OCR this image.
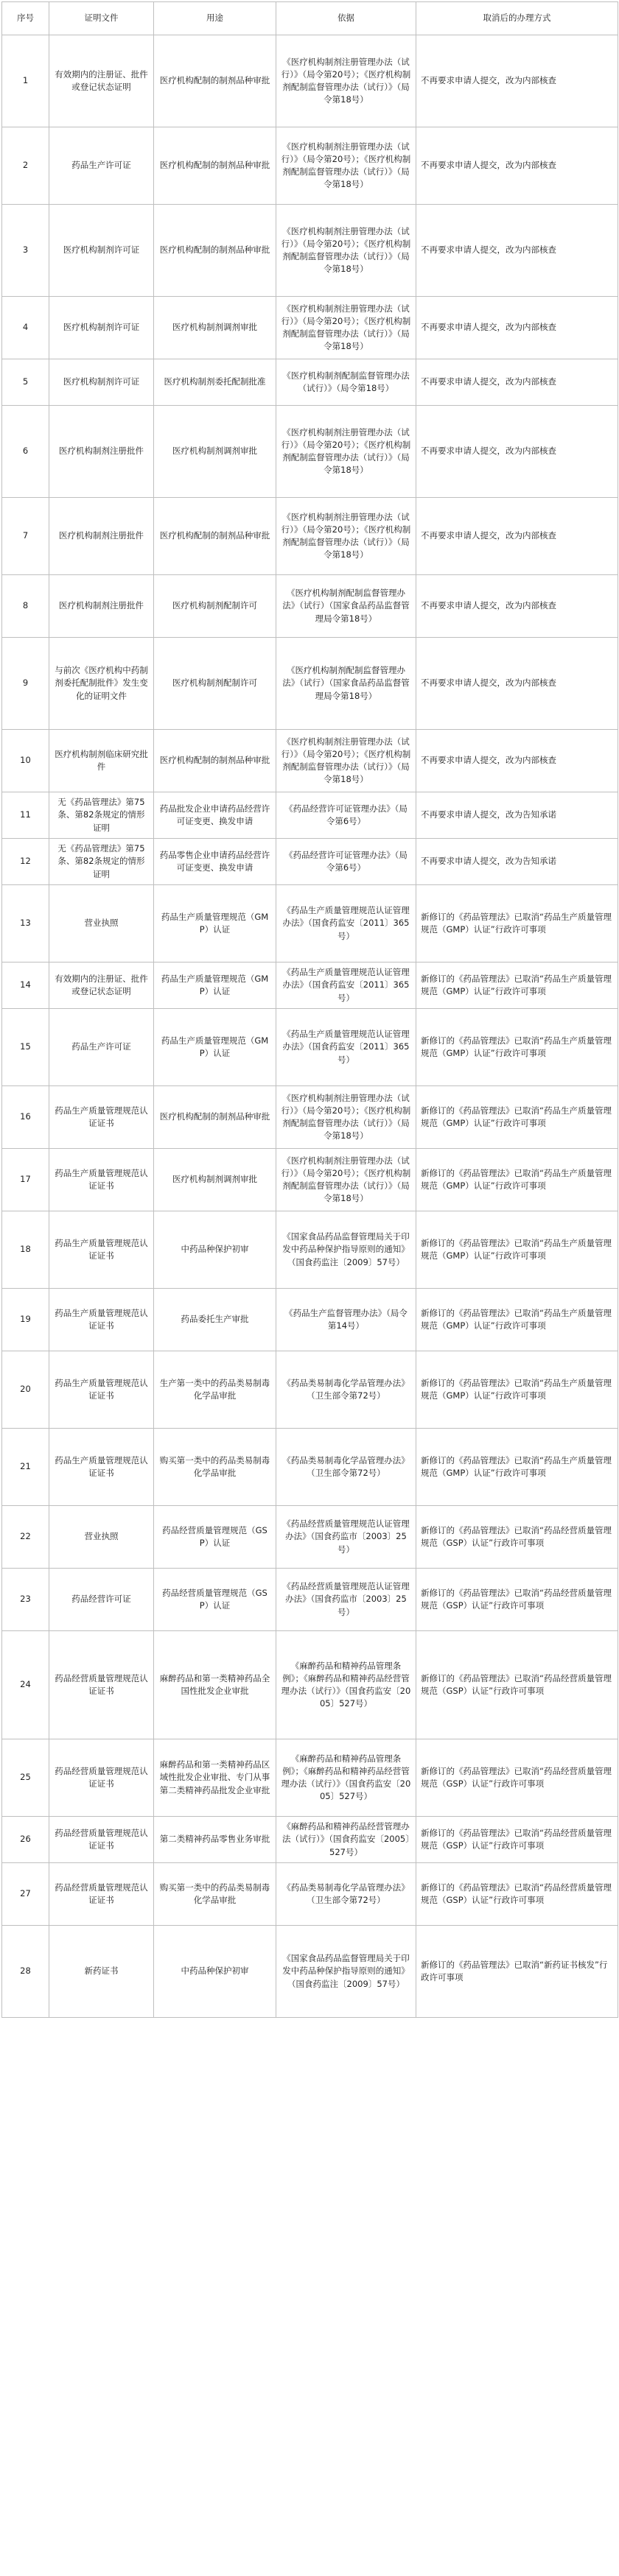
序号	证明文件	用途	依据	取消后的办理方式
1	有效期内的注册证、批件或登记状态证明	医疗机构配制的制剂品种审批	《医疗机构制剂注册管理办法（试行）》（局令第20号）；《医疗机构制剂配制监督管理办法（试行）》（局令第18号）	不再要求申请人提交，改为内部核查
2	药品生产许可证	医疗机构配制的制剂品种审批	《医疗机构制剂注册管理办法（试行）》（局令第20号）；《医疗机构制剂配制监督管理办法（试行）》（局令第18号）	不再要求申请人提交，改为内部核查
3	医疗机构制剂许可证	医疗机构配制的制剂品种审批	《医疗机构制剂注册管理办法（试行）》（局令第20号）；《医疗机构制剂配制监督管理办法（试行）》（局令第18号）	不再要求申请人提交，改为内部核查
4	医疗机构制剂许可证	医疗机构制剂调剂审批	《医疗机构制剂注册管理办法（试行）》（局令第20号）；《医疗机构制剂配制监督管理办法（试行）》（局令第18号）	不再要求申请人提交，改为内部核查
5	医疗机构制剂许可证	医疗机构制剂委托配制批准	《医疗机构制剂配制监督管理办法（试行）》（局令第18号）	不再要求申请人提交，改为内部核查
6	医疗机构制剂注册批件	医疗机构制剂调剂审批	《医疗机构制剂注册管理办法（试行）》（局令第20号）；《医疗机构制剂配制监督管理办法（试行）》（局令第18号）	不再要求申请人提交，改为内部核查
7	医疗机构制剂注册批件	医疗机构配制的制剂品种审批	《医疗机构制剂注册管理办法（试行）》（局令第20号）；《医疗机构制剂配制监督管理办法（试行）》（局令第18号）	不再要求申请人提交，改为内部核查
8	医疗机构制剂注册批件	医疗机构制剂配制许可	《医疗机构制剂配制监督管理办法》（试行）（国家食品药品监督管理局令第18号）	不再要求申请人提交，改为内部核查
9	与前次《医疗机构中药制剂委托配制批件》发生变化的证明文件	医疗机构制剂配制许可	《医疗机构制剂配制监督管理办法》（试行）（国家食品药品监督管理局令第18号）	不再要求申请人提交，改为内部核查
10	医疗机构制剂临床研究批件	医疗机构配制的制剂品种审批	《医疗机构制剂注册管理办法（试行）》（局令第20号）；《医疗机构制剂配制监督管理办法（试行）》（局令第18号）	不再要求申请人提交，改为内部核查
11	无《药品管理法》第75条、第82条规定的情形证明	药品批发企业申请药品经营许可证变更、换发申请	《药品经营许可证管理办法》（局令第6号）	不再要求申请人提交，改为告知承诺
12	无《药品管理法》第75条、第82条规定的情形证明	药品零售企业申请药品经营许可证变更、换发申请	《药品经营许可证管理办法》（局令第6号）	不再要求申请人提交，改为告知承诺
13	营业执照	药品生产质量管理规范（GMP）认证	《药品生产质量管理规范认证管理办法》（国食药监安〔2011〕365号）	新修订的《药品管理法》已取消“药品生产质量管理规范（GMP）认证”行政许可事项
14	有效期内的注册证、批件或登记状态证明	药品生产质量管理规范（GMP）认证	《药品生产质量管理规范认证管理办法》（国食药监安〔2011〕365号）	新修订的《药品管理法》已取消“药品生产质量管理规范（GMP）认证”行政许可事项
15	药品生产许可证	药品生产质量管理规范（GMP）认证	《药品生产质量管理规范认证管理办法》（国食药监安〔2011〕365号）	新修订的《药品管理法》已取消“药品生产质量管理规范（GMP）认证”行政许可事项
16	药品生产质量管理规范认证证书	医疗机构配制的制剂品种审批	《医疗机构制剂注册管理办法（试行）》（局令第20号）；《医疗机构制剂配制监督管理办法（试行）》（局令第18号）	新修订的《药品管理法》已取消“药品生产质量管理规范（GMP）认证”行政许可事项
17	药品生产质量管理规范认证证书	医疗机构制剂调剂审批	《医疗机构制剂注册管理办法（试行）》（局令第20号）；《医疗机构制剂配制监督管理办法（试行）》（局令第18号）	新修订的《药品管理法》已取消“药品生产质量管理规范（GMP）认证”行政许可事项
18	药品生产质量管理规范认证证书	中药品种保护初审	《国家食品药品监督管理局关于印发中药品种保护指导原则的通知》（国食药监注〔2009〕57号）	新修订的《药品管理法》已取消“药品生产质量管理规范（GMP）认证”行政许可事项
19	药品生产质量管理规范认证证书	药品委托生产审批	《药品生产监督管理办法》（局令第14号）	新修订的《药品管理法》已取消“药品生产质量管理规范（GMP）认证”行政许可事项
20	药品生产质量管理规范认证证书	生产第一类中的药品类易制毒化学品审批	《药品类易制毒化学品管理办法》（卫生部令第72号）	新修订的《药品管理法》已取消“药品生产质量管理规范（GMP）认证”行政许可事项
21	药品生产质量管理规范认证证书	购买第一类中的药品类易制毒化学品审批	《药品类易制毒化学品管理办法》（卫生部令第72号）	新修订的《药品管理法》已取消“药品生产质量管理规范（GMP）认证”行政许可事项
22	营业执照	药品经营质量管理规范（GSP）认证	《药品经营质量管理规范认证管理办法》（国食药监市〔2003〕25号）	新修订的《药品管理法》已取消“药品经营质量管理规范（GSP）认证”行政许可事项
23	药品经营许可证	药品经营质量管理规范（GSP）认证	《药品经营质量管理规范认证管理办法》（国食药监市〔2003〕25号）	新修订的《药品管理法》已取消“药品经营质量管理规范（GSP）认证”行政许可事项
24	药品经营质量管理规范认证证书	麻醉药品和第一类精神药品全国性批发企业审批	《麻醉药品和精神药品管理条例》；《麻醉药品和精神药品经营管理办法（试行）》（国食药监安〔2005〕527号）	新修订的《药品管理法》已取消“药品经营质量管理规范（GSP）认证”行政许可事项
25	药品经营质量管理规范认证证书	麻醉药品和第一类精神药品区域性批发企业审批、专门从事第二类精神药品批发企业审批	《麻醉药品和精神药品管理条例》；《麻醉药品和精神药品经营管理办法（试行）》（国食药监安〔2005〕527号）	新修订的《药品管理法》已取消“药品经营质量管理规范（GSP）认证”行政许可事项
26	药品经营质量管理规范认证证书	第二类精神药品零售业务审批	《麻醉药品和精神药品经营管理办法（试行）》（国食药监安〔2005〕527号）	新修订的《药品管理法》已取消“药品经营质量管理规范（GSP）认证”行政许可事项
27	药品经营质量管理规范认证证书	购买第一类中的药品类易制毒化学品审批	《药品类易制毒化学品管理办法》（卫生部令第72号）	新修订的《药品管理法》已取消“药品经营质量管理规范（GSP）认证”行政许可事项
28	新药证书	中药品种保护初审	《国家食品药品监督管理局关于印发中药品种保护指导原则的通知》（国食药监注〔2009〕57号）	新修订的《药品管理法》已取消“新药证书核发”行政许可事项
